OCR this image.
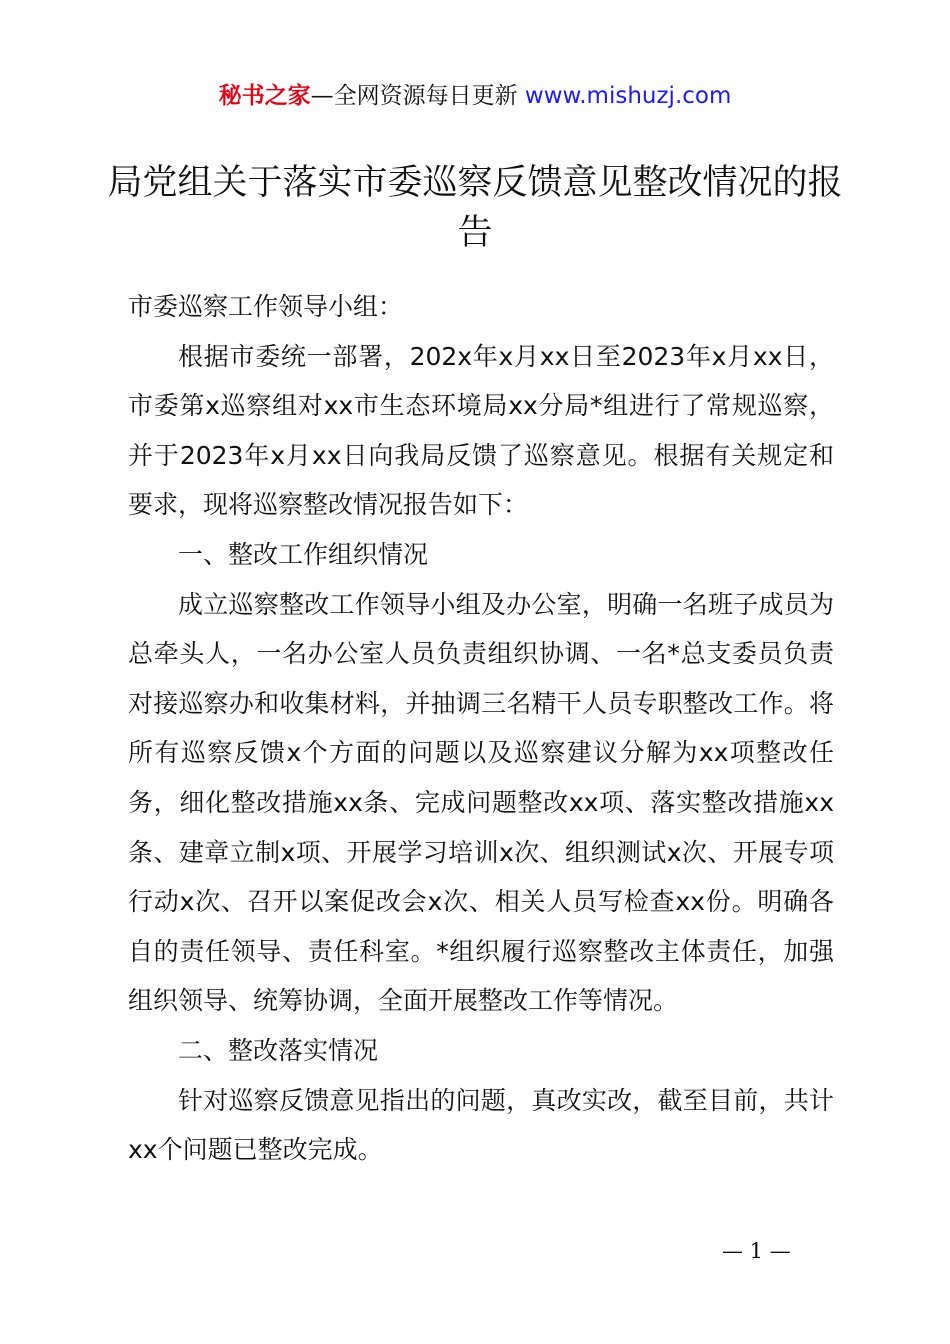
秘书之家—全网资源每日更新 www.mishuzj.com
局党组关于落实市委巡察反馈意见整改情况的报告

市委巡察工作领导小组：

根据市委统一部署，202x年x月xx日至2023年x月xx日，市委第x巡察组对xx市生态环境局xx分局*组进行了常规巡察，并于2023年x月xx日向我局反馈了巡察意见。根据有关规定和要求，现将巡察整改情况报告如下：

一、整改工作组织情况

成立巡察整改工作领导小组及办公室，明确一名班子成员为总牵头人，一名办公室人员负责组织协调、一名*总支委员负责对接巡察办和收集材料，并抽调三名精干人员专职整改工作。将所有巡察反馈x个方面的问题以及巡察建议分解为xx项整改任务，细化整改措施xx条、完成问题整改xx项、落实整改措施xx条、建章立制x项、开展学习培训x次、组织测试x次、开展专项行动x次、召开以案促改会x次、相关人员写检查xx份。明确各自的责任领导、责任科室。*组织履行巡察整改主体责任，加强组织领导、统筹协调，全面开展整改工作等情况。

二、整改落实情况

针对巡察反馈意见指出的问题，真改实改，截至目前，共计xx个问题已整改完成。

— 1 —
